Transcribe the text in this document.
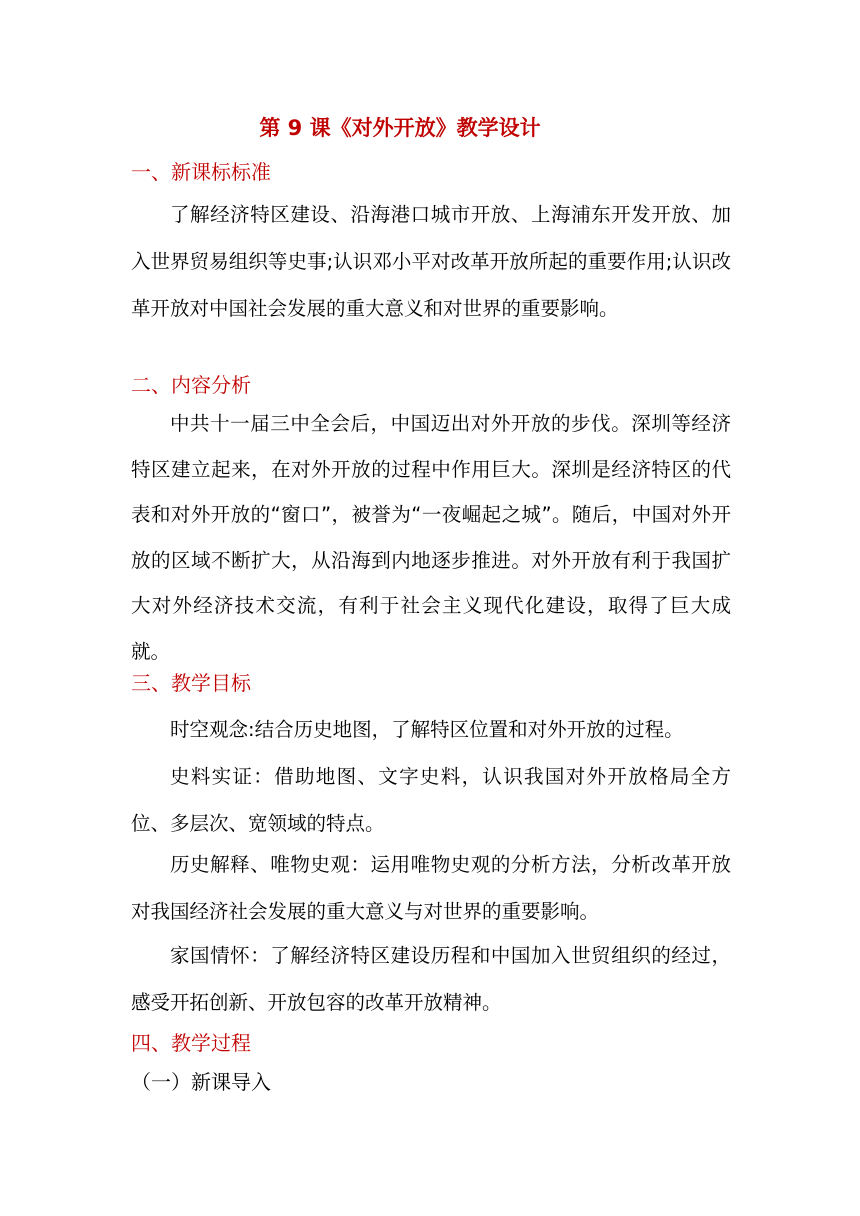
第 9 课《对外开放》教学设计
一、新课标标准

了解经济特区建设、沿海港口城市开放、上海浦东开发开放、加入世界贸易组织等史事;认识邓小平对改革开放所起的重要作用;认识改革开放对中国社会发展的重大意义和对世界的重要影响。

二、内容分析

中共十一届三中全会后，中国迈出对外开放的步伐。深圳等经济特区建立起来，在对外开放的过程中作用巨大。深圳是经济特区的代表和对外开放的“窗口”，被誉为“一夜崛起之城”。随后，中国对外开放的区域不断扩大，从沿海到内地逐步推进。对外开放有利于我国扩大对外经济技术交流，有利于社会主义现代化建设，取得了巨大成就。

三、教学目标

时空观念:结合历史地图，了解特区位置和对外开放的过程。

史料实证：借助地图、文字史料，认识我国对外开放格局全方位、多层次、宽领域的特点。

历史解释、唯物史观：运用唯物史观的分析方法，分析改革开放对我国经济社会发展的重大意义与对世界的重要影响。

家国情怀：了解经济特区建设历程和中国加入世贸组织的经过，感受开拓创新、开放包容的改革开放精神。

四、教学过程
（一）新课导入
